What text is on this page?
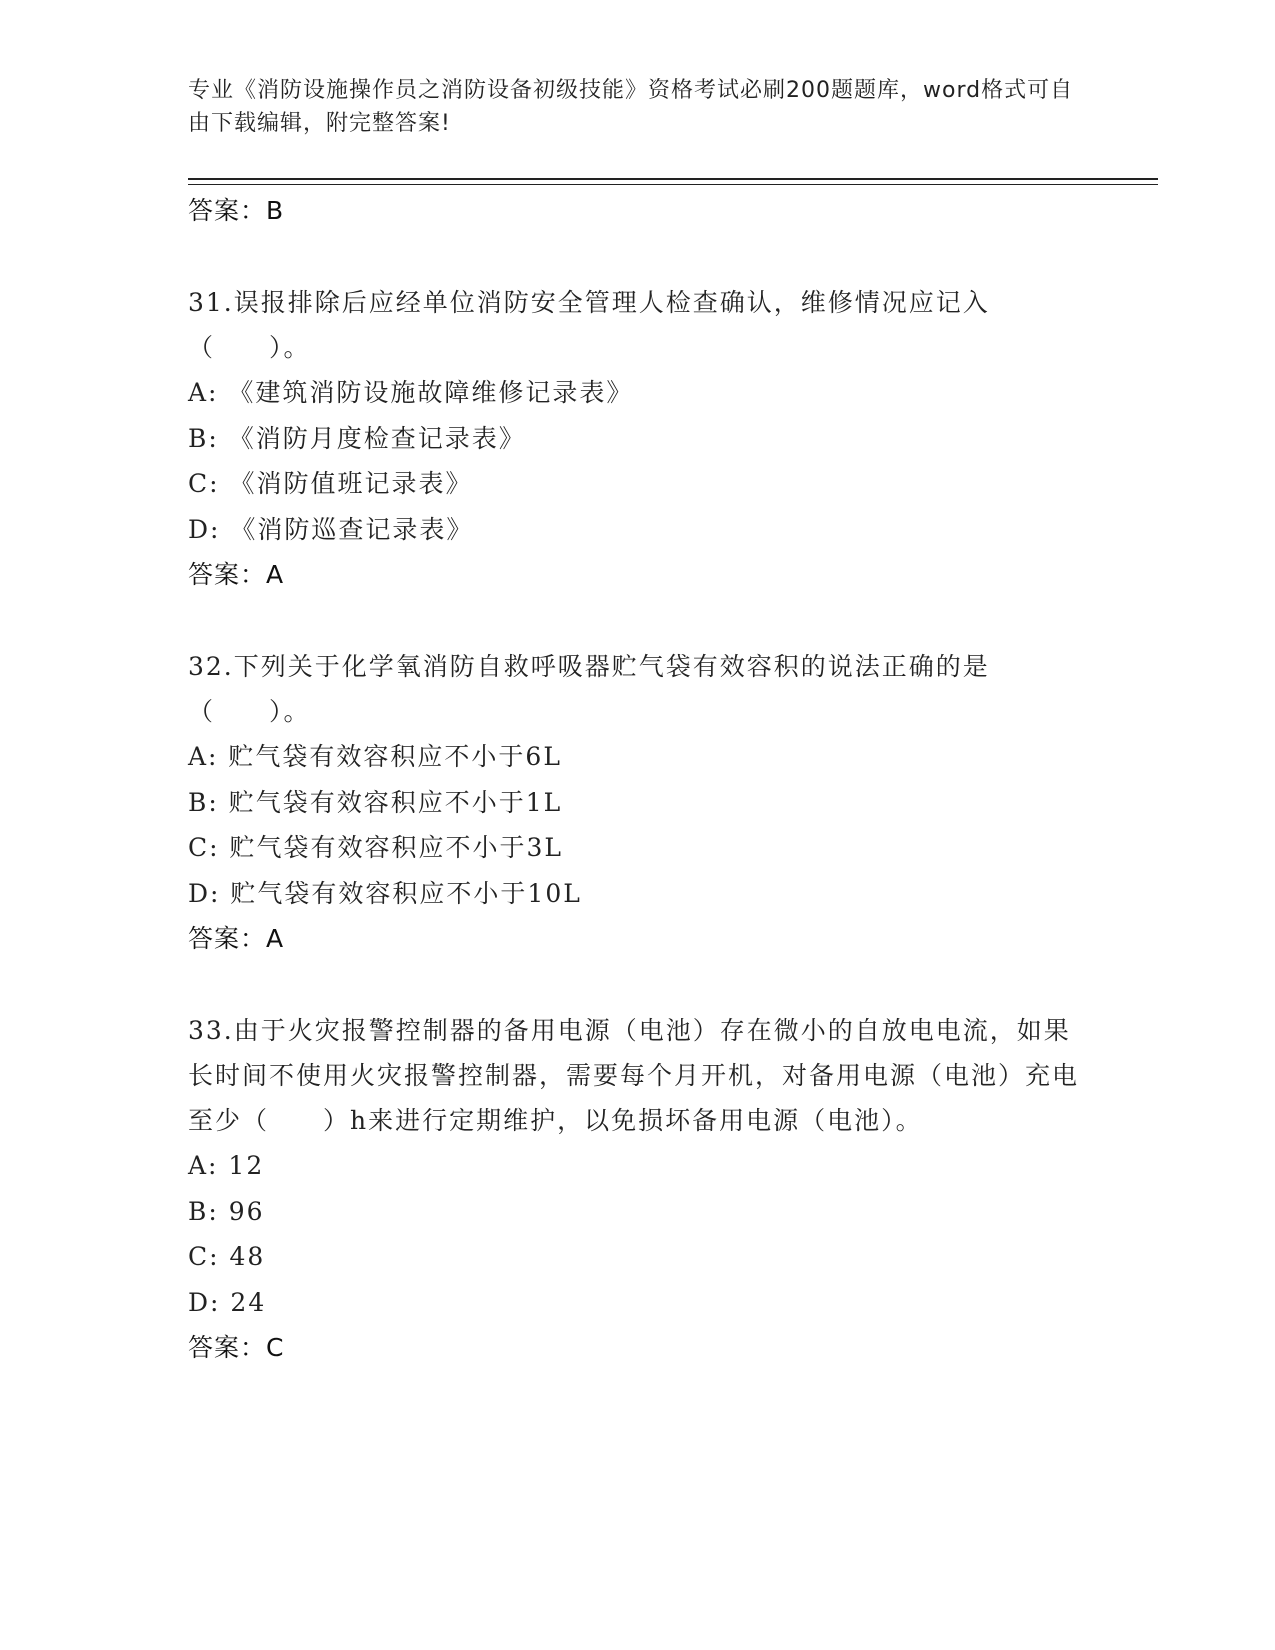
专业《消防设施操作员之消防设备初级技能》资格考试必刷200题题库，word格式可自由下载编辑，附完整答案!
答案：B
31.误报排除后应经单位消防安全管理人检查确认，维修情况应记入（　　）。
A: 《建筑消防设施故障维修记录表》
B: 《消防月度检查记录表》
C: 《消防值班记录表》
D: 《消防巡查记录表》
答案：A
32.下列关于化学氧消防自救呼吸器贮气袋有效容积的说法正确的是（　　）。
A: 贮气袋有效容积应不小于6L
B: 贮气袋有效容积应不小于1L
C: 贮气袋有效容积应不小于3L
D: 贮气袋有效容积应不小于10L
答案：A
33.由于火灾报警控制器的备用电源（电池）存在微小的自放电电流，如果长时间不使用火灾报警控制器，需要每个月开机，对备用电源（电池）充电至少（　　）h来进行定期维护，以免损坏备用电源（电池）。
A: 12
B: 96
C: 48
D: 24
答案：C
